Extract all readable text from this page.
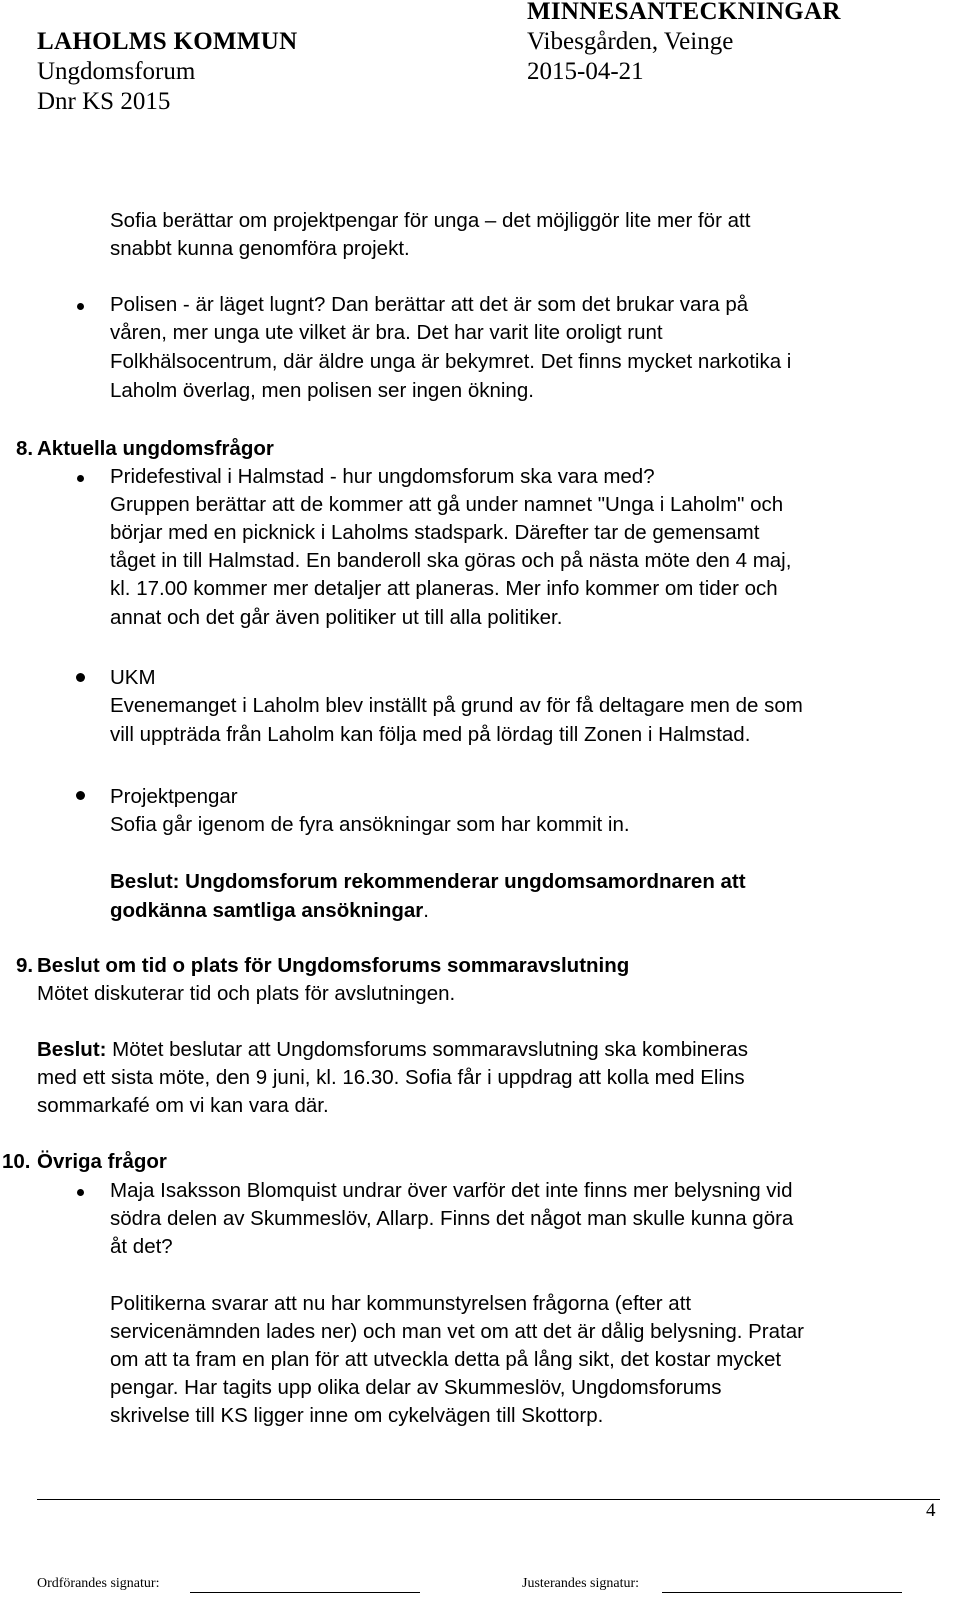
MINNESANTECKNINGAR
LAHOLMS KOMMUN	Vibesgården, Veinge
Ungdomsforum	2015-04-21
Dnr KS 2015
Sofia berättar om projektpengar för unga – det möjliggör lite mer för att
snabbt kunna genomföra projekt.
Polisen - är läget lugnt? Dan berättar att det är som det brukar vara på
våren, mer unga ute vilket är bra. Det har varit lite oroligt runt
Folkhälsocentrum, där äldre unga är bekymret. Det finns mycket narkotika i
Laholm överlag, men polisen ser ingen ökning.
8. Aktuella ungdomsfrågor
Pridefestival i Halmstad - hur ungdomsforum ska vara med?
Gruppen berättar att de kommer att gå under namnet "Unga i Laholm" och
börjar med en picknick i Laholms stadspark. Därefter tar de gemensamt
tåget in till Halmstad. En banderoll ska göras och på nästa möte den 4 maj,
kl. 17.00 kommer mer detaljer att planeras. Mer info kommer om tider och
annat och det går även politiker ut till alla politiker.
UKM
Evenemanget i Laholm blev inställt på grund av för få deltagare men de som
vill uppträda från Laholm kan följa med på lördag till Zonen i Halmstad.
Projektpengar
Sofia går igenom de fyra ansökningar som har kommit in.
Beslut: Ungdomsforum rekommenderar ungdomsamordnaren att
godkänna samtliga ansökningar.
9. Beslut om tid o plats för Ungdomsforums sommaravslutning
Mötet diskuterar tid och plats för avslutningen.
Beslut: Mötet beslutar att Ungdomsforums sommaravslutning ska kombineras
med ett sista möte, den 9 juni, kl. 16.30. Sofia får i uppdrag att kolla med Elins
sommarkafé om vi kan vara där.
10. Övriga frågor
Maja Isaksson Blomquist undrar över varför det inte finns mer belysning vid
södra delen av Skummeslöv, Allarp. Finns det något man skulle kunna göra
åt det?
Politikerna svarar att nu har kommunstyrelsen frågorna (efter att
servicenämnden lades ner) och man vet om att det är dålig belysning. Pratar
om att ta fram en plan för att utveckla detta på lång sikt, det kostar mycket
pengar. Har tagits upp olika delar av Skummeslöv, Ungdomsforums
skrivelse till KS ligger inne om cykelvägen till Skottorp.
4
Ordförandes signatur:	Justerandes signatur:
